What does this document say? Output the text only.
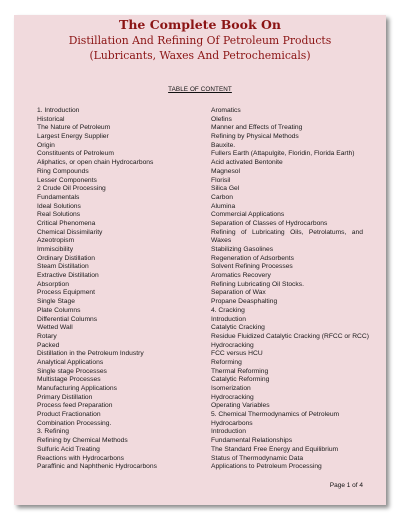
The Complete Book On
Distillation And Refining Of Petroleum Products
(Lubricants, Waxes And Petrochemicals)
TABLE OF CONTENT
1. Introduction
Historical
The Nature of Petroleum
Largest Energy Supplier
Origin
Constituents of Petroleum
Aliphatics, or open chain Hydrocarbons
Ring Compounds
Lesser Components
2 Crude Oil Processing
Fundamentals
Ideal Solutions
Real Solutions
Critical Phenomena
Chemical Dissimilarity
Azeotropism
Immiscibility
Ordinary Distillation
Steam Distillation
Extractive Distillation
Absorption
Process Equipment
Single Stage
Plate Columns
Differential Columns
Wetted Wall
Rotary
Packed
Distillation in the Petroleum Industry
Analytical Applications
Single stage Processes
Multistage Processes
Manufacturing Applications
Primary Distillation
Process feed Preparation
Product Fractionation
Combination Processing.
3. Refining
Refining by Chemical Methods
Sulfuric Acid Treating
Reactions with Hydrocarbons
Paraffinic and Naphthenic Hydrocarbons
Aromatics
Olefins
Manner and Effects of Treating
Refining by Physical Methods
Bauxite.
Fullers Earth (Attapulgite, Floridin, Florida Earth)
Acid activated Bentonite
Magnesol
Florisil
Silica Gel
Carbon
Alumina
Commercial Applications
Separation of Classes of Hydrocarbons
Refining of Lubricating Oils, Petrolatums, and
Waxes
Stabilizing Gasolines
Regeneration of Adsorbents
Solvent Refining Processes
Aromatics Recovery
Refining Lubricating Oil Stocks.
Separation of Wax
Propane Deasphalting
4. Cracking
Introduction
Catalytic Cracking
Residue Fluidized Catalytic Cracking (RFCC or RCC)
Hydrocracking
FCC versus HCU
Reforming
Thermal Reforming
Catalytic Reforming
Isomerization
Hydrocracking
Operating Variables
5. Chemical Thermodynamics of Petroleum
Hydrocarbons
Introduction
Fundamental Relationships
The Standard Free Energy and Equilibrium
Status of Thermodynamic Data
Applications to Petroleum Processing
Page 1 of 4
